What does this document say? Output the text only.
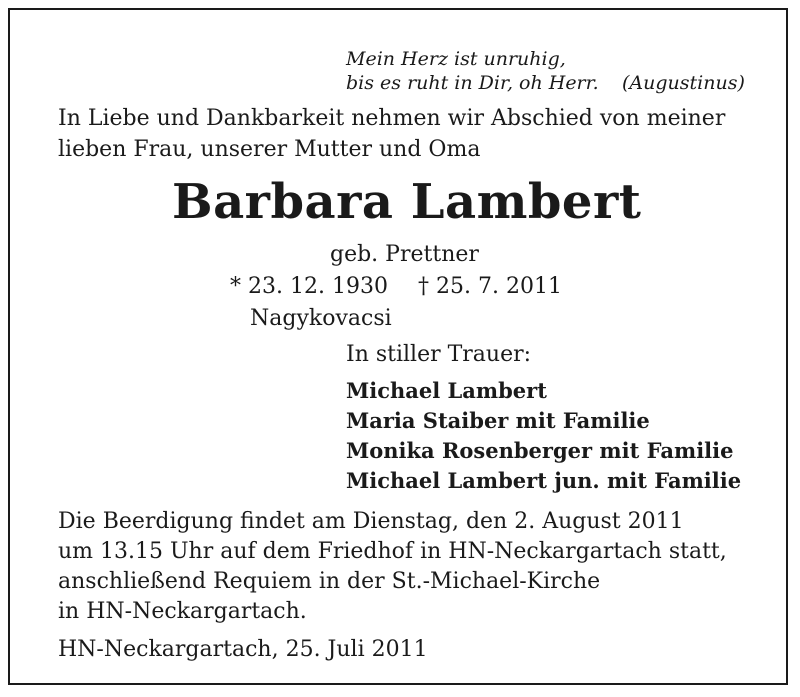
Mein Herz ist unruhig,
bis es ruht in Dir, oh Herr. (Augustinus)
In Liebe und Dankbarkeit nehmen wir Abschied von meiner
lieben Frau, unserer Mutter und Oma
Barbara Lambert
geb. Prettner
* 23. 12. 1930 † 25. 7. 2011
Nagykovacsi
In stiller Trauer:
Michael Lambert
Maria Staiber mit Familie
Monika Rosenberger mit Familie
Michael Lambert jun. mit Familie
Die Beerdigung findet am Dienstag, den 2. August 2011
um 13.15 Uhr auf dem Friedhof in HN-Neckargartach statt,
anschließend Requiem in der St.-Michael-Kirche
in HN-Neckargartach.
HN-Neckargartach, 25. Juli 2011
